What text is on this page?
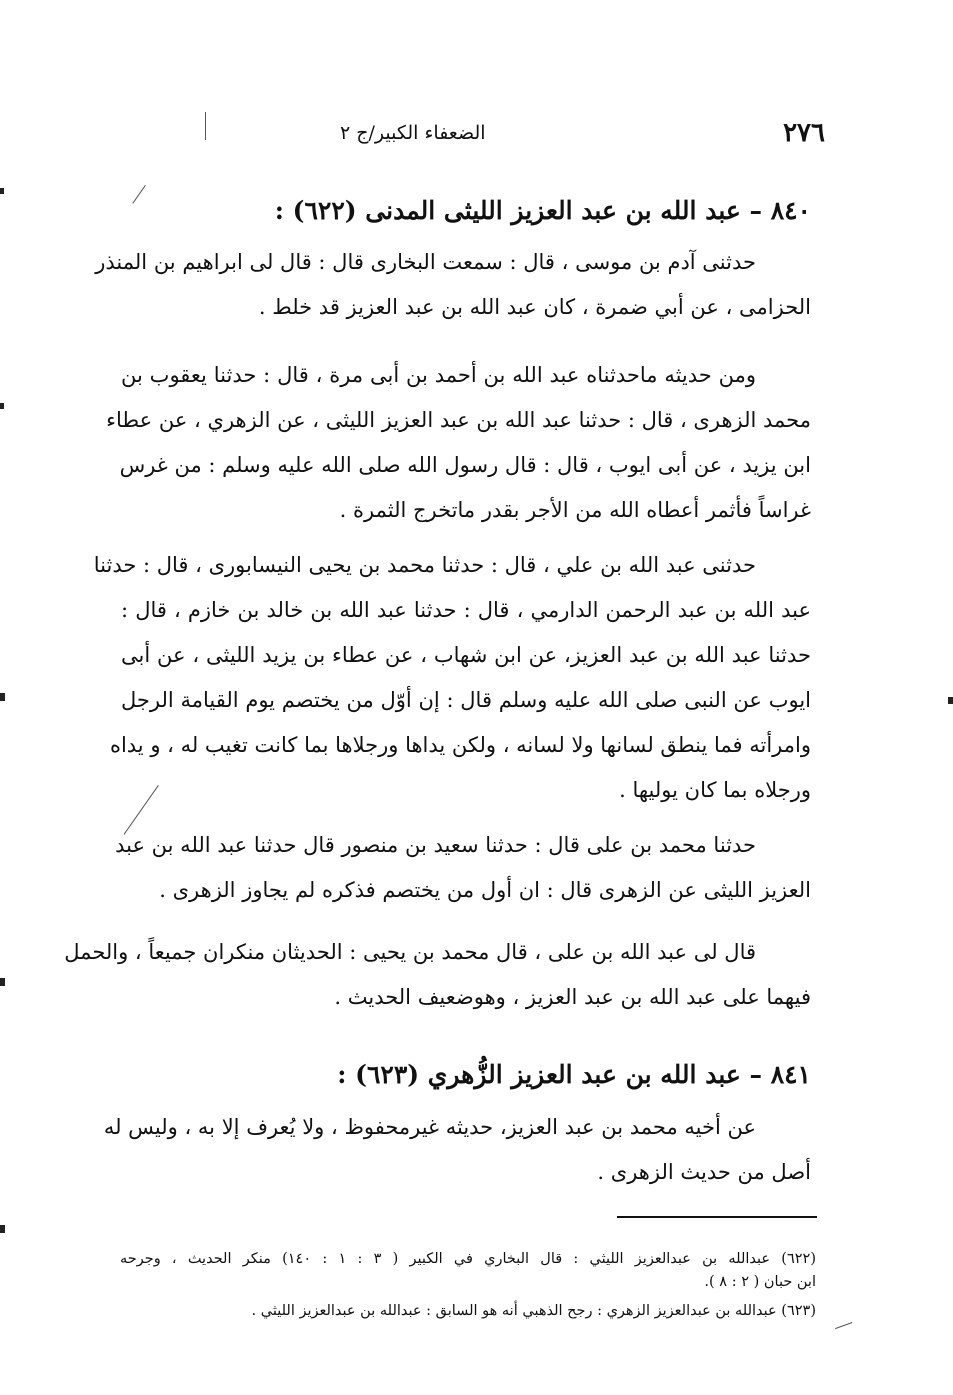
٢٧٦
الضعفاء الكبير/ج ٢
٨٤٠ – عبد الله بن عبد العزيز الليثى المدنى (٦٢٢) :
حدثنى آدم بن موسى ، قال : سمعت البخارى قال : قال لى ابراهيم بن المنذر
الحزامى ، عن أبي ضمرة ، كان عبد الله بن عبد العزيز قد خلط .
ومن حديثه ماحدثناه عبد الله بن أحمد بن أبى مرة ، قال : حدثنا يعقوب بن
محمد الزهرى ، قال : حدثنا عبد الله بن عبد العزيز الليثى ، عن الزهري ، عن عطاء
ابن يزيد ، عن أبى ايوب ، قال : قال رسول الله صلى الله عليه وسلم : من غرس
غراساً فأثمر أعطاه الله من الأجر بقدر ماتخرج الثمرة .
حدثنى عبد الله بن علي ، قال : حدثنا محمد بن يحيى النيسابورى ، قال : حدثنا
عبد الله بن عبد الرحمن الدارمي ، قال : حدثنا عبد الله بن خالد بن خازم ، قال :
حدثنا عبد الله بن عبد العزيز، عن ابن شهاب ، عن عطاء بن يزيد الليثى ، عن أبى
ايوب عن النبى صلى الله عليه وسلم قال : إن أوّل من يختصم يوم القيامة الرجل
وامرأته فما ينطق لسانها ولا لسانه ، ولكن يداها ورجلاها بما كانت تغيب له ، و يداه
ورجلاه بما كان يوليها .
حدثنا محمد بن على قال : حدثنا سعيد بن منصور قال حدثنا عبد الله بن عبد
العزيز الليثى عن الزهرى قال : ان أول من يختصم فذكره لم يجاوز الزهرى .
قال لى عبد الله بن على ، قال محمد بن يحيى : الحديثان منكران جميعاً ، والحمل
فيهما على عبد الله بن عبد العزيز ، وهوضعيف الحديث .
٨٤١ – عبد الله بن عبد العزيز الزُّهري (٦٢٣) :
عن أخيه محمد بن عبد العزيز، حديثه غيرمحفوظ ، ولا يُعرف إلا به ، وليس له
أصل من حديث الزهرى .
(٦٢٢) عبدالله بن عبدالعزيز الليثي : قال البخاري في الكبير ( ٣ : ١ : ١٤٠) منكر الحديث ، وجرحه
ابن حبان ( ٢ : ٨ ).
(٦٢٣) عبدالله بن عبدالعزيز الزهري : رجح الذهبي أنه هو السابق : عبدالله بن عبدالعزيز الليثي .
